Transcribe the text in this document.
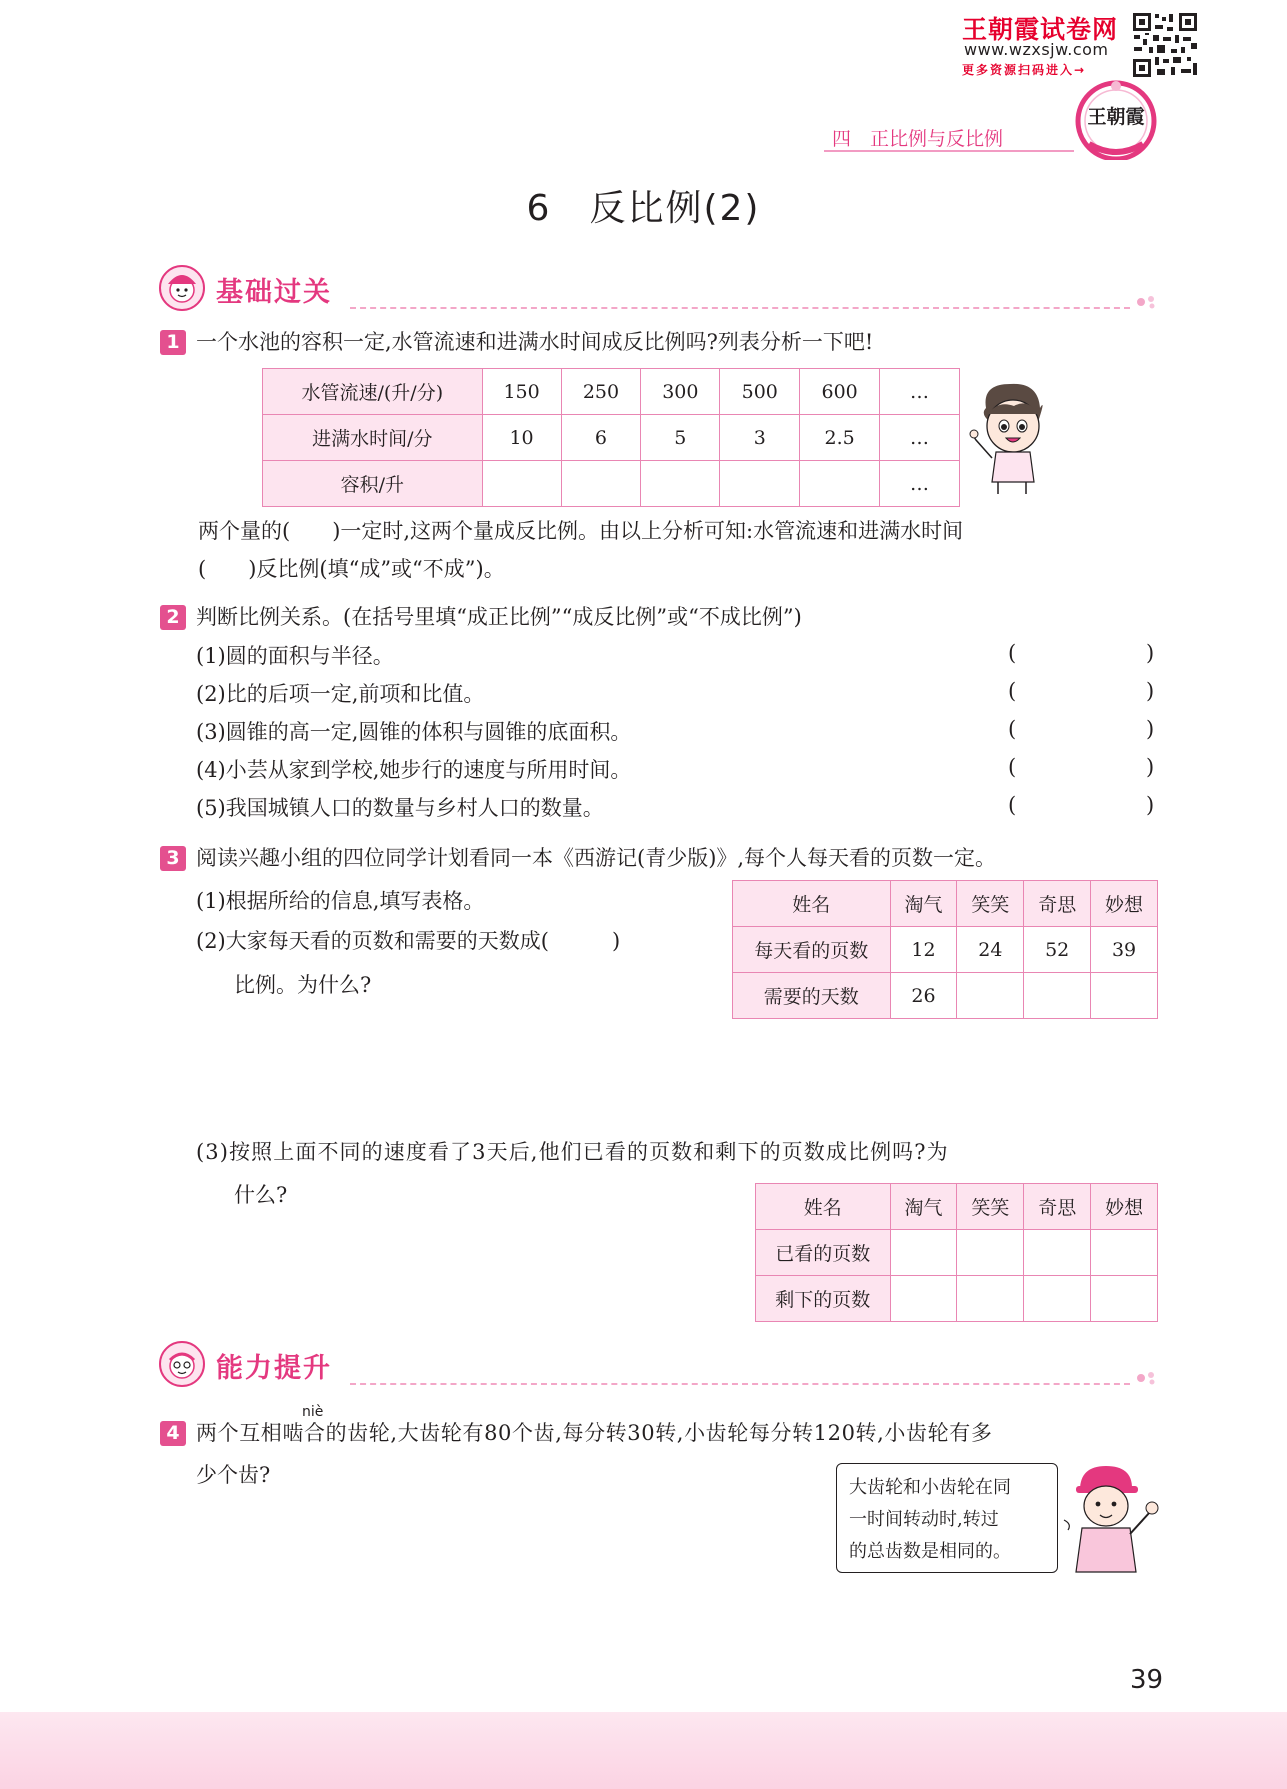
王朝霞试卷网
www.wzxsjw.com
更多资源扫码进入→
王朝霞
四　正比例与反比例
6　反比例(2)
基础过关
1 一个水池的容积一定,水管流速和进满水时间成反比例吗?列表分析一下吧!
水管流速/(升/分)	150	250	300	500	600	…
进满水时间/分	10	6	5	3	2.5	…
容积/升						…
两个量的(　　)一定时,这两个量成反比例。由以上分析可知:水管流速和进满水时间
(　　)反比例(填“成”或“不成”)。
2 判断比例关系。(在括号里填“成正比例”“成反比例”或“不成比例”)
(1)圆的面积与半径。	(	)
(2)比的后项一定,前项和比值。	(	)
(3)圆锥的高一定,圆锥的体积与圆锥的底面积。	(	)
(4)小芸从家到学校,她步行的速度与所用时间。	(	)
(5)我国城镇人口的数量与乡村人口的数量。	(	)
3 阅读兴趣小组的四位同学计划看同一本《西游记(青少版)》,每个人每天看的页数一定。
(1)根据所给的信息,填写表格。
(2)大家每天看的页数和需要的天数成(　　　)
比例。为什么?
姓名	淘气	笑笑	奇思	妙想
每天看的页数	12	24	52	39
需要的天数	26			
(3)按照上面不同的速度看了3天后,他们已看的页数和剩下的页数成比例吗?为
什么?
姓名	淘气	笑笑	奇思	妙想
已看的页数				
剩下的页数				
能力提升
niè
4 两个互相啮合的齿轮,大齿轮有80个齿,每分转30转,小齿轮每分转120转,小齿轮有多
少个齿?
大齿轮和小齿轮在同
一时间转动时,转过
的总齿数是相同的。
39
